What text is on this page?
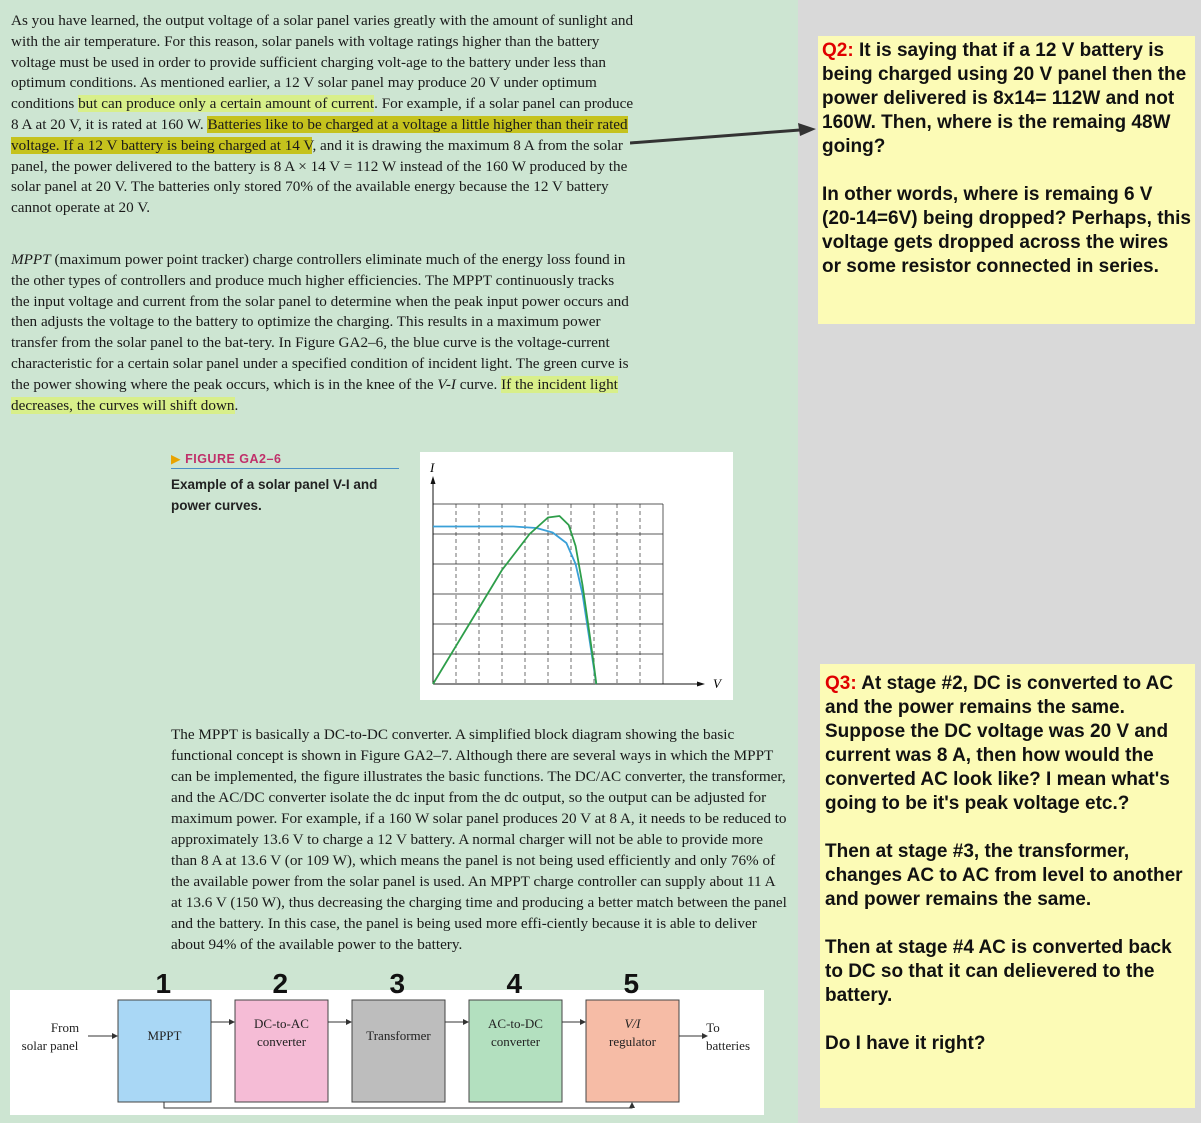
As you have learned, the output voltage of a solar panel varies greatly with the amount of sunlight and with the air temperature. For this reason, solar panels with voltage ratings higher than the battery voltage must be used in order to provide sufficient charging volt-age to the battery under less than optimum conditions. As mentioned earlier, a 12 V solar panel may produce 20 V under optimum conditions but can produce only a certain amount of current. For example, if a solar panel can produce 8 A at 20 V, it is rated at 160 W. Batteries like to be charged at a voltage a little higher than their rated voltage. If a 12 V battery is being charged at 14 V, and it is drawing the maximum 8 A from the solar panel, the power delivered to the battery is 8 A × 14 V = 112 W instead of the 160 W produced by the solar panel at 20 V. The batteries only stored 70% of the available energy because the 12 V battery cannot operate at 20 V.

MPPT (maximum power point tracker) charge controllers eliminate much of the energy loss found in the other types of controllers and produce much higher efficiencies. The MPPT continuously tracks the input voltage and current from the solar panel to determine when the peak input power occurs and then adjusts the voltage to the battery to optimize the charging. This results in a maximum power transfer from the solar panel to the bat-tery. In Figure GA2–6, the blue curve is the voltage-current characteristic for a certain solar panel under a specified condition of incident light. The green curve is the power showing where the peak occurs, which is in the knee of the V-I curve. If the incident light decreases, the curves will shift down.

▶ FIGURE GA2–6
Example of a solar panel V-I and power curves.
I
V

The MPPT is basically a DC-to-DC converter. A simplified block diagram showing the basic functional concept is shown in Figure GA2–7. Although there are several ways in which the MPPT can be implemented, the figure illustrates the basic functions. The DC/AC converter, the transformer, and the AC/DC converter isolate the dc input from the dc output, so the output can be adjusted for maximum power. For example, if a 160 W solar panel produces 20 V at 8 A, it needs to be reduced to approximately 13.6 V to charge a 12 V battery. A normal charger will not be able to provide more than 8 A at 13.6 V (or 109 W), which means the panel is not being used efficiently and only 76% of the available power from the solar panel is used. An MPPT charge controller can supply about 11 A at 13.6 V (150 W), thus decreasing the charging time and producing a better match between the panel and the battery. In this case, the panel is being used more effi-ciently because it is able to deliver about 94% of the available power to the battery.

From
solar panel
To
batteries
MPPT
DC-to-AC
converter	Transformer
AC-to-DC
converter
V/I
regulator
1	2	3	4	5

Q2: It is saying that if a 12 V battery is being charged using 20 V panel then the power delivered is 8x14= 112W and not 160W. Then, where is the remaing 48W going?

In other words, where is remaing 6 V (20-14=6V) being dropped? Perhaps, this voltage gets dropped across the wires or some resistor connected in series.

Q3: At stage #2, DC is converted to AC and the power remains the same. Suppose the DC voltage was 20 V and current was 8 A, then how would the converted AC look like? I mean what's going to be it's peak voltage etc.?

Then at stage #3, the transformer, changes AC to AC from level to another and power remains the same.

Then at stage #4 AC is converted back to DC so that it can delievered to the battery.

Do I have it right?
